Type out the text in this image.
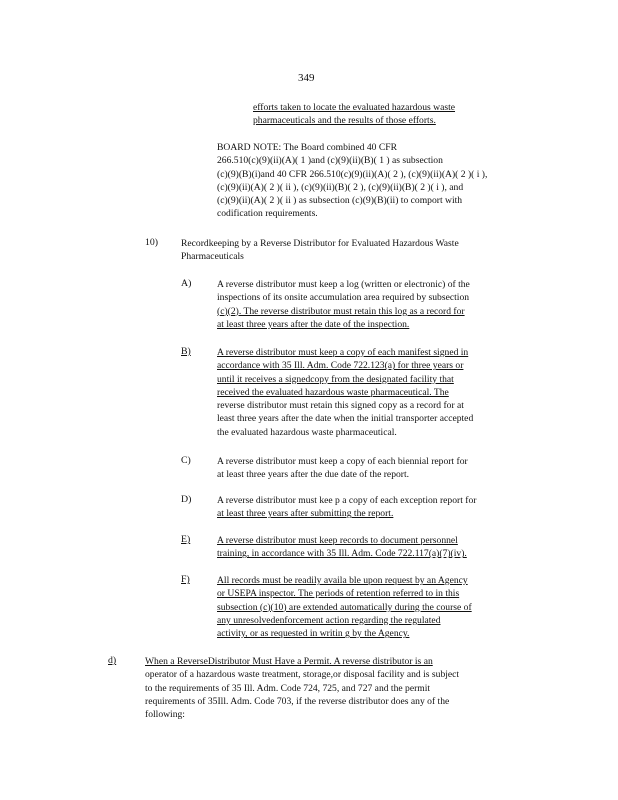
349
efforts taken to locate the evaluated hazardous waste
pharmaceuticals and the results of those efforts.
BOARD NOTE: The Board combined 40 CFR
266.510(c)(9)(ii)(A)( 1 )and (c)(9)(ii)(B)( 1 ) as subsection
(c)(9)(B)(i)and 40 CFR 266.510(c)(9)(ii)(A)( 2 ), (c)(9)(ii)(A)( 2 )( i ),
(c)(9)(ii)(A)( 2 )( ii ), (c)(9)(ii)(B)( 2 ), (c)(9)(ii)(B)( 2 )( i ), and
(c)(9)(ii)(A)( 2 )( ii ) as subsection (c)(9)(B)(ii) to comport with
codification requirements.
10) Recordkeeping by a Reverse Distributor for Evaluated Hazardous Waste
Pharmaceuticals
A)	A reverse distributor must keep a log (written or electronic) of the
inspections of its onsite accumulation area required by subsection
(c)(2). The reverse distributor must retain this log as a record for
at least three years after the date of the inspection.
B)	A reverse distributor must keep a copy of each manifest signed in
accordance with 35 Ill. Adm. Code 722.123(a) for three years or
until it receives a signedcopy from the designated facility that
received the evaluated hazardous waste pharmaceutical. The
reverse distributor must retain this signed copy as a record for at
least three years after the date when the initial transporter accepted
the evaluated hazardous waste pharmaceutical.
C)	A reverse distributor must keep a copy of each biennial report for
at least three years after the due date of the report.
D)	A reverse distributor must kee p a copy of each exception report for
at least three years after submitting the report.
E)	A reverse distributor must keep records to document personnel
training, in accordance with 35 Ill. Adm. Code 722.117(a)(7)(iv).
F)	All records must be readily availa ble upon request by an Agency
or USEPA inspector. The periods of retention referred to in this
subsection (c)(10) are extended automatically during the course of
any unresolvedenforcement action regarding the regulated
activity, or as requested in writin g by the Agency.
d)	When a ReverseDistributor Must Have a Permit. A reverse distributor is an
operator of a hazardous waste treatment, storage,or disposal facility and is subject
to the requirements of 35 Ill. Adm. Code 724, 725, and 727 and the permit
requirements of 35Ill. Adm. Code 703, if the reverse distributor does any of the
following:
